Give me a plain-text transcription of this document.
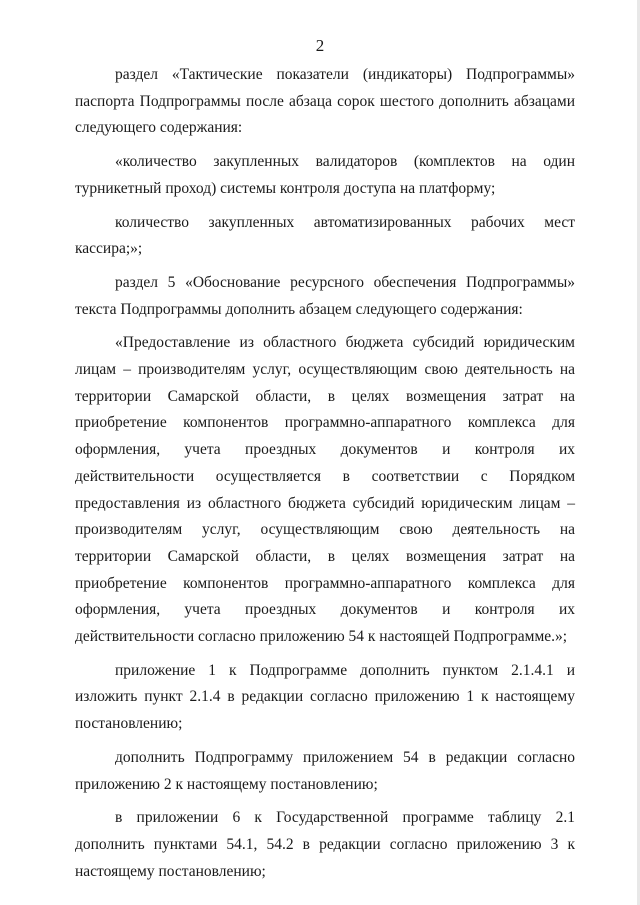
2

раздел «Тактические показатели (индикаторы) Подпрограммы» паспорта Подпрограммы после абзаца сорок шестого дополнить абзацами следующего содержания:

«количество закупленных валидаторов (комплектов на один турникетный проход) системы контроля доступа на платформу;

количество закупленных автоматизированных рабочих мест кассира;»;

раздел 5 «Обоснование ресурсного обеспечения Подпрограммы» текста Подпрограммы дополнить абзацем следующего содержания:

«Предоставление из областного бюджета субсидий юридическим лицам – производителям услуг, осуществляющим свою деятельность на территории Самарской области, в целях возмещения затрат на приобретение компонентов программно-аппаратного комплекса для оформления, учета проездных документов и контроля их действительности осуществляется в соответствии с Порядком предоставления из областного бюджета субсидий юридическим лицам – производителям услуг, осуществляющим свою деятельность на территории Самарской области, в целях возмещения затрат на приобретение компонентов программно-аппаратного комплекса для оформления, учета проездных документов и контроля их действительности согласно приложению 54 к настоящей Подпрограмме.»;

приложение 1 к Подпрограмме дополнить пунктом 2.1.4.1 и изложить пункт 2.1.4 в редакции согласно приложению 1 к настоящему постановлению;

дополнить Подпрограмму приложением 54 в редакции согласно приложению 2 к настоящему постановлению;

в приложении 6 к Государственной программе таблицу 2.1 дополнить пунктами 54.1, 54.2 в редакции согласно приложению 3 к настоящему постановлению;
